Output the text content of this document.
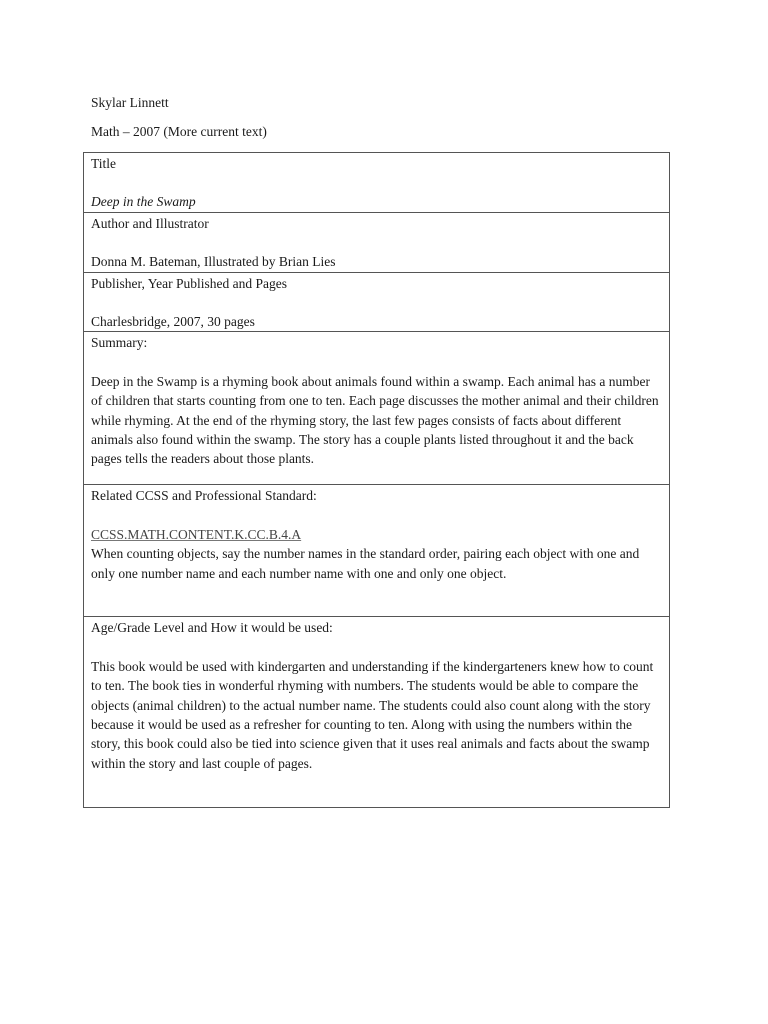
Skylar Linnett
Math – 2007 (More current text)
Title
Deep in the Swamp

Author and Illustrator
Donna M. Bateman, Illustrated by Brian Lies

Publisher, Year Published and Pages
Charlesbridge, 2007, 30 pages

Summary:
Deep in the Swamp is a rhyming book about animals found within a swamp. Each animal has a number of children that starts counting from one to ten. Each page discusses the mother animal and their children while rhyming. At the end of the rhyming story, the last few pages consists of facts about different animals also found within the swamp. The story has a couple plants listed throughout it and the back pages tells the readers about those plants.

Related CCSS and Professional Standard:
CCSS.MATH.CONTENT.K.CC.B.4.A
When counting objects, say the number names in the standard order, pairing each object with one and only one number name and each number name with one and only one object.

Age/Grade Level and How it would be used:
This book would be used with kindergarten and understanding if the kindergarteners knew how to count to ten. The book ties in wonderful rhyming with numbers. The students would be able to compare the objects (animal children) to the actual number name. The students could also count along with the story because it would be used as a refresher for counting to ten. Along with using the numbers within the story, this book could also be tied into science given that it uses real animals and facts about the swamp within the story and last couple of pages.
